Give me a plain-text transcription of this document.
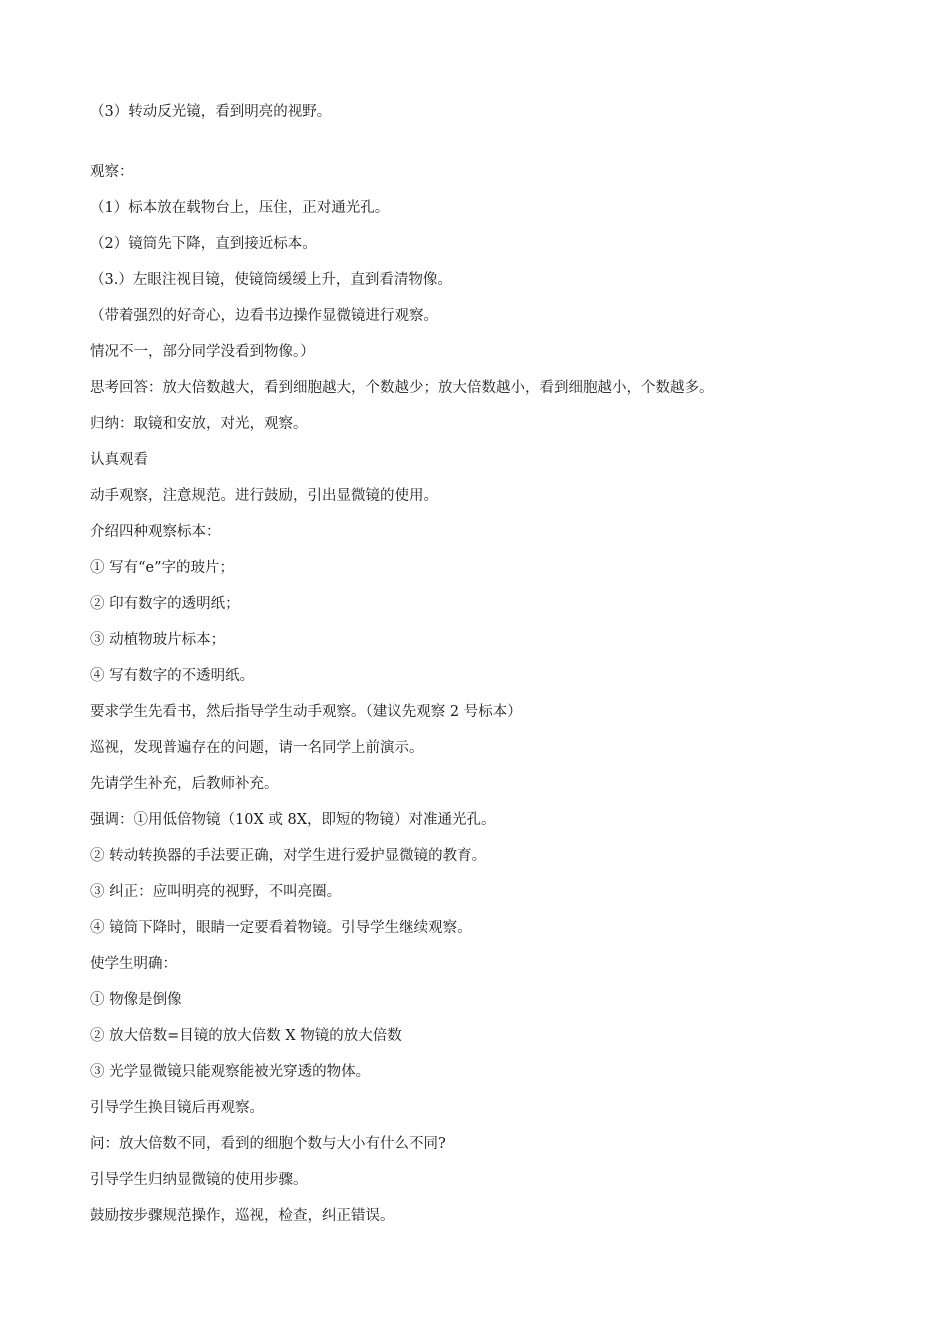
（3）转动反光镜，看到明亮的视野。
观察：
（1）标本放在载物台上，压住，正对通光孔。
（2）镜筒先下降，直到接近标本。
（3.）左眼注视目镜，使镜筒缓缓上升，直到看清物像。
（带着强烈的好奇心，边看书边操作显微镜进行观察。
情况不一，部分同学没看到物像。）
思考回答：放大倍数越大，看到细胞越大，个数越少；放大倍数越小，看到细胞越小，个数越多。
归纳：取镜和安放，对光，观察。
认真观看
动手观察，注意规范。进行鼓励，引出显微镜的使用。
介绍四种观察标本：
① 写有“e”字的玻片；
② 印有数字的透明纸；
③ 动植物玻片标本；
④ 写有数字的不透明纸。
要求学生先看书，然后指导学生动手观察。（建议先观察 2 号标本）
巡视，发现普遍存在的问题，请一名同学上前演示。
先请学生补充，后教师补充。
强调：①用低倍物镜（10X 或 8X，即短的物镜）对准通光孔。
② 转动转换器的手法要正确，对学生进行爱护显微镜的教育。
③ 纠正：应叫明亮的视野，不叫亮圈。
④ 镜筒下降时，眼睛一定要看着物镜。引导学生继续观察。
使学生明确：
① 物像是倒像
② 放大倍数=目镜的放大倍数 X 物镜的放大倍数
③ 光学显微镜只能观察能被光穿透的物体。
引导学生换目镜后再观察。
问：放大倍数不同，看到的细胞个数与大小有什么不同?
引导学生归纳显微镜的使用步骤。
鼓励按步骤规范操作，巡视，检查，纠正错误。
